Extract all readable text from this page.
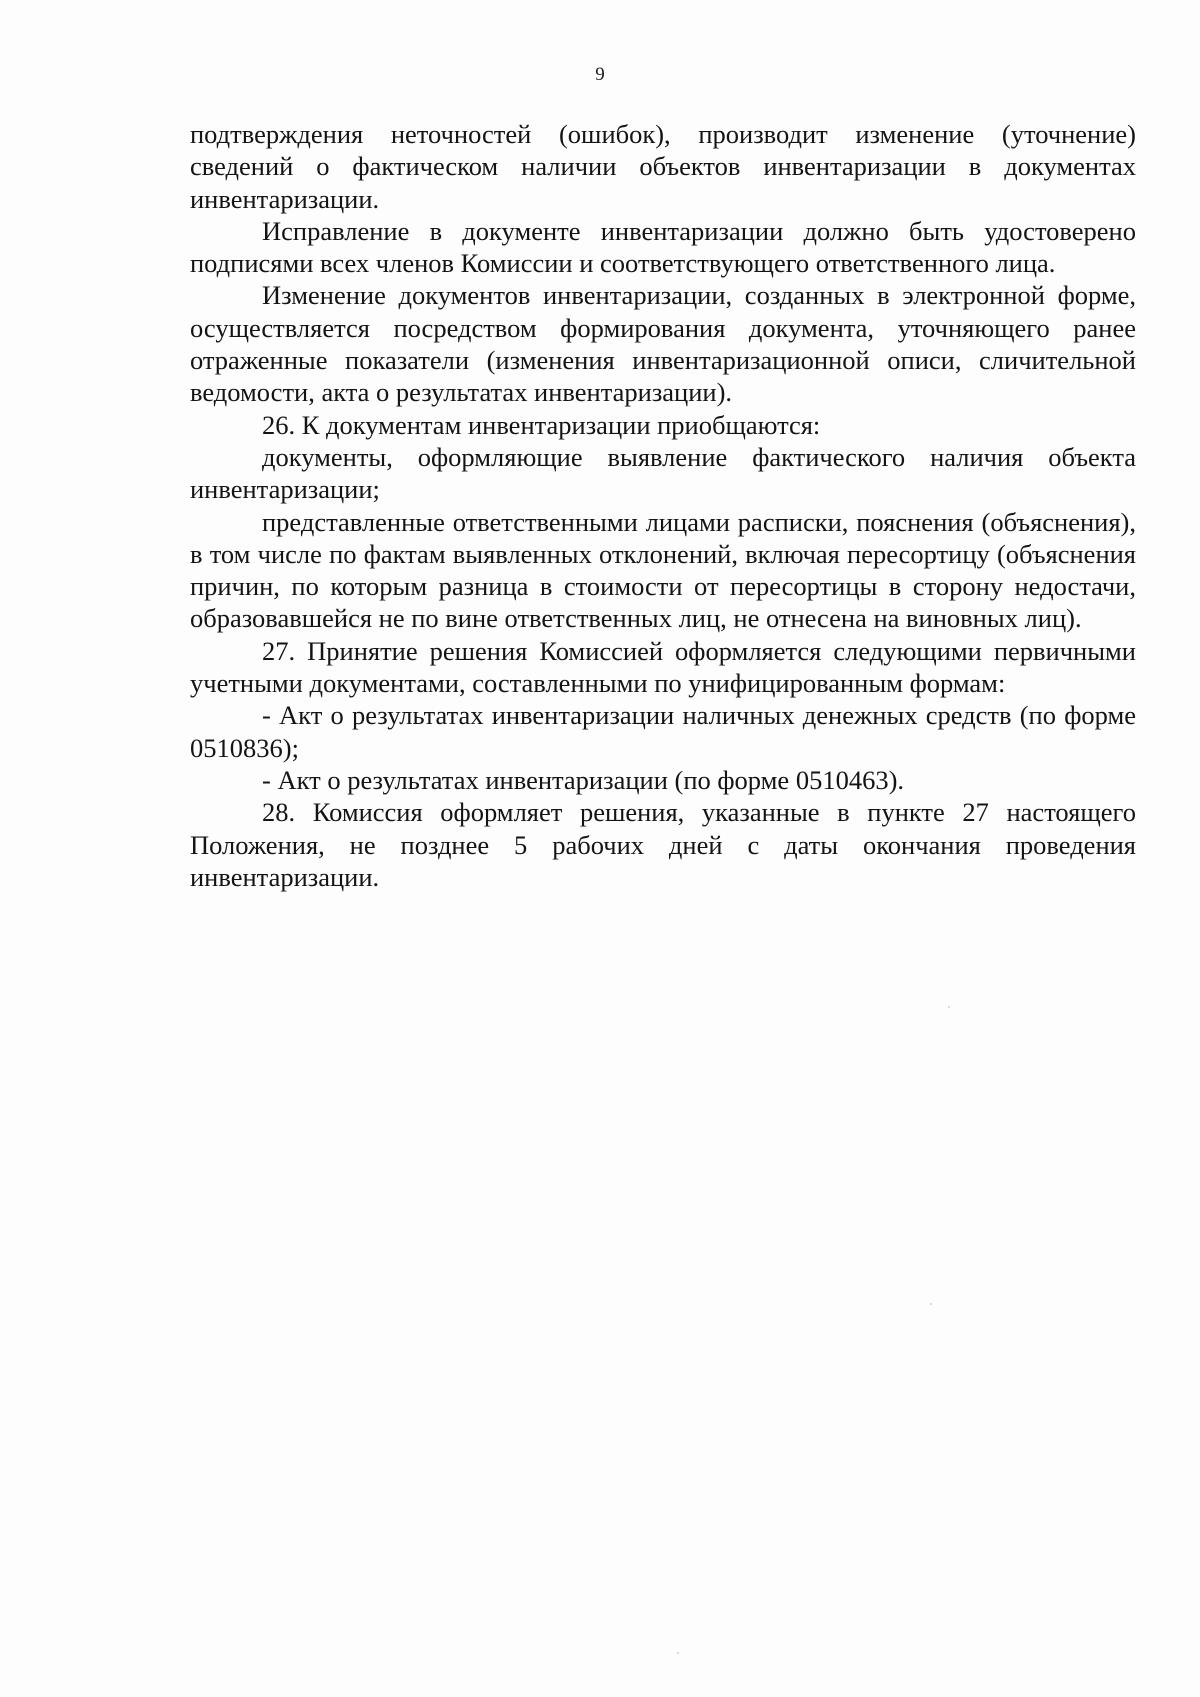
9

подтверждения неточностей (ошибок), производит изменение (уточнение) сведений о фактическом наличии объектов инвентаризации в документах инвентаризации.

Исправление в документе инвентаризации должно быть удостоверено подписями всех членов Комиссии и соответствующего ответственного лица.

Изменение документов инвентаризации, созданных в электронной форме, осуществляется посредством формирования документа, уточняющего ранее отраженные показатели (изменения инвентаризационной описи, сличительной ведомости, акта о результатах инвентаризации).

26. К документам инвентаризации приобщаются:

документы, оформляющие выявление фактического наличия объекта инвентаризации;

представленные ответственными лицами расписки, пояснения (объяснения), в том числе по фактам выявленных отклонений, включая пересортицу (объяснения причин, по которым разница в стоимости от пересортицы в сторону недостачи, образовавшейся не по вине ответственных лиц, не отнесена на виновных лиц).

27. Принятие решения Комиссией оформляется следующими первичными учетными документами, составленными по унифицированным формам:

- Акт о результатах инвентаризации наличных денежных средств (по форме 0510836);

- Акт о результатах инвентаризации (по форме 0510463).

28. Комиссия оформляет решения, указанные в пункте 27 настоящего Положения, не позднее 5 рабочих дней с даты окончания проведения инвентаризации.
